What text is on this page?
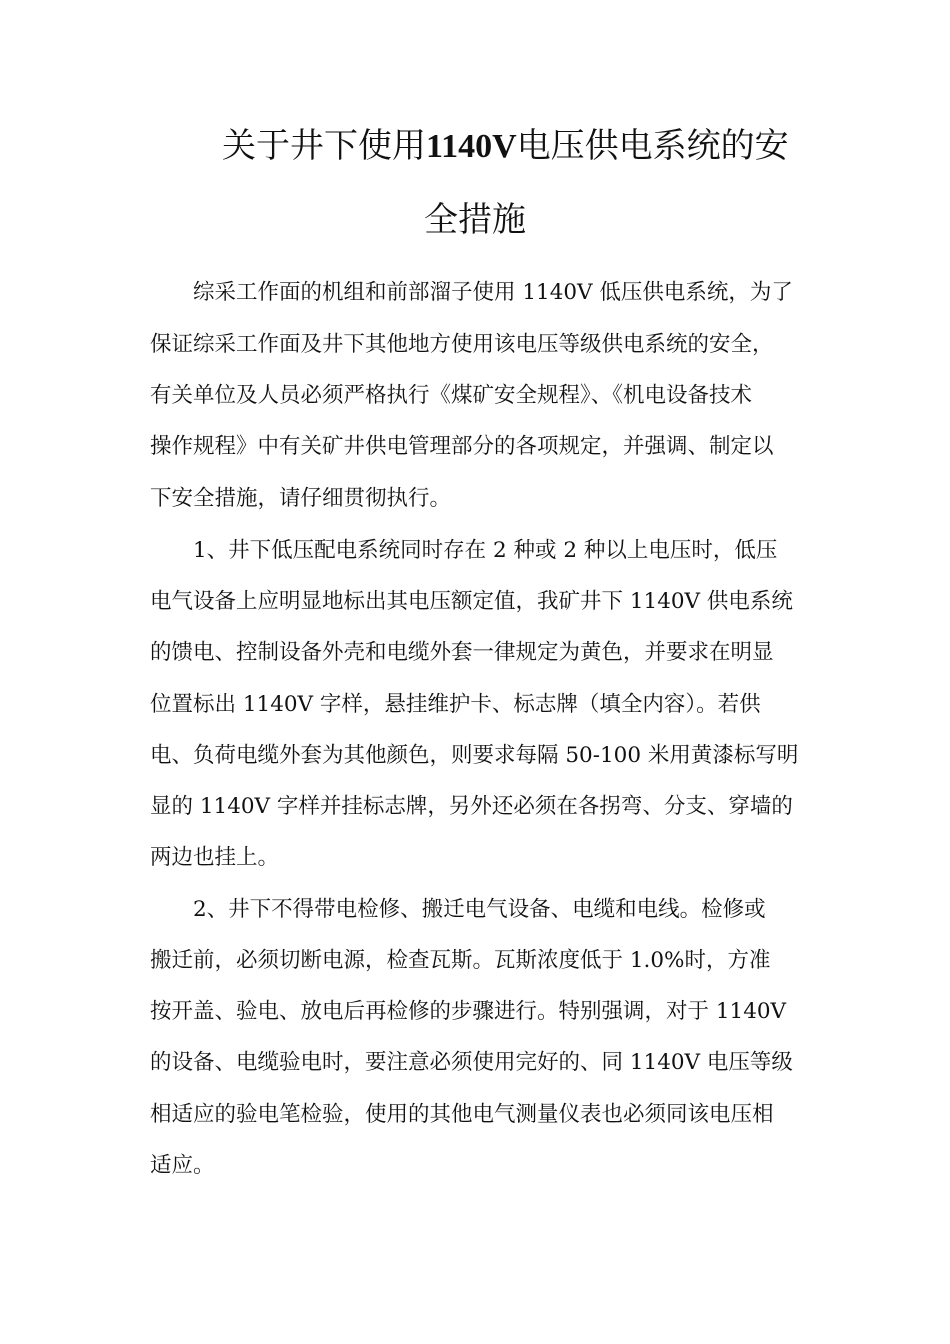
关于井下使用1140V电压供电系统的安
全措施
综采工作面的机组和前部溜子使用 1140V 低压供电系统，为了
保证综采工作面及井下其他地方使用该电压等级供电系统的安全，
有关单位及人员必须严格执行《煤矿安全规程》、《机电设备技术
操作规程》中有关矿井供电管理部分的各项规定，并强调、制定以
下安全措施，请仔细贯彻执行。
1、井下低压配电系统同时存在 2 种或 2 种以上电压时，低压
电气设备上应明显地标出其电压额定值，我矿井下 1140V 供电系统
的馈电、控制设备外壳和电缆外套一律规定为黄色，并要求在明显
位置标出 1140V 字样，悬挂维护卡、标志牌（填全内容）。若供
电、负荷电缆外套为其他颜色，则要求每隔 50-100 米用黄漆标写明
显的 1140V 字样并挂标志牌，另外还必须在各拐弯、分支、穿墙的
两边也挂上。
2、井下不得带电检修、搬迁电气设备、电缆和电线。检修或
搬迁前，必须切断电源，检查瓦斯。瓦斯浓度低于 1.0%时，方准
按开盖、验电、放电后再检修的步骤进行。特别强调，对于 1140V
的设备、电缆验电时，要注意必须使用完好的、同 1140V 电压等级
相适应的验电笔检验，使用的其他电气测量仪表也必须同该电压相
适应。
